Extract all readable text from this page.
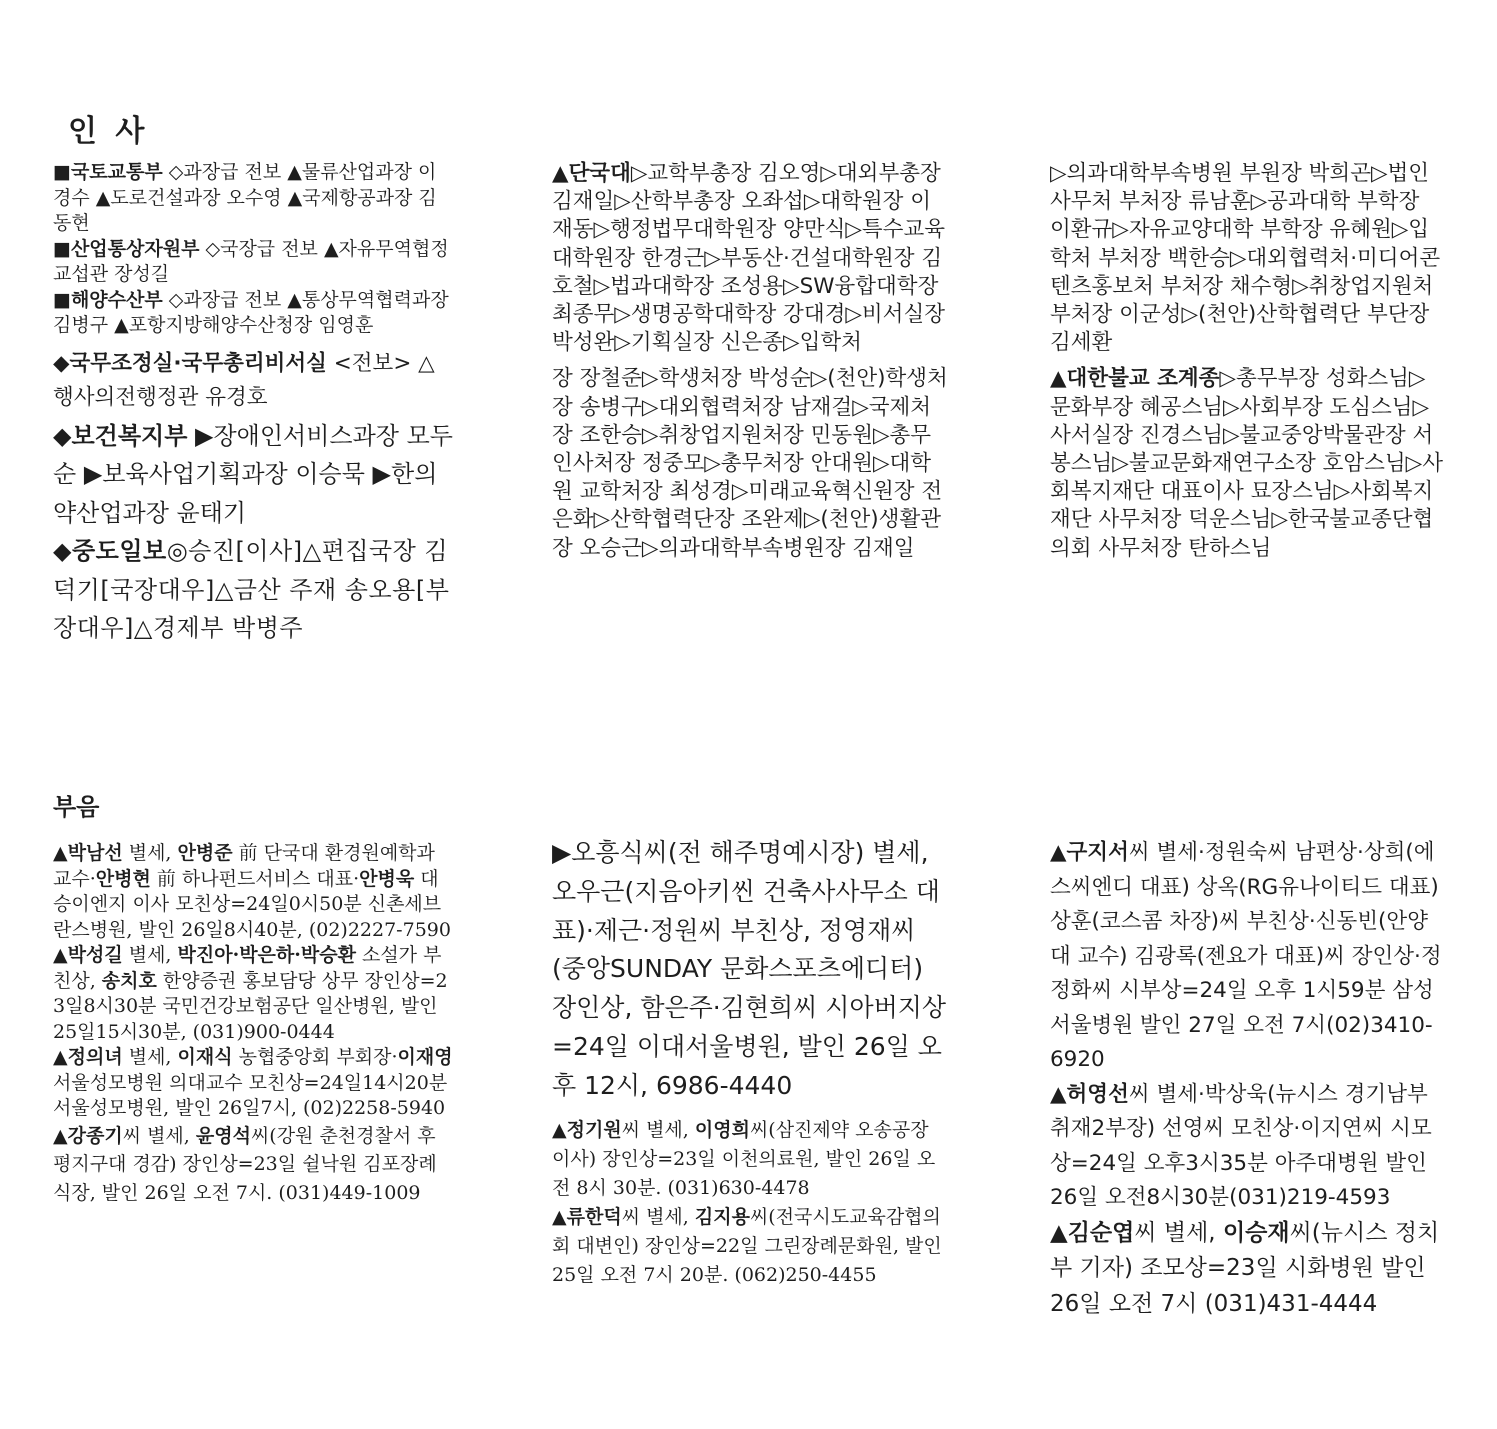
인 사

■국토교통부 ◇과장급 전보 ▲물류산업과장 이경수 ▲도로건설과장 오수영 ▲국제항공과장 김동현

■산업통상자원부 ◇국장급 전보 ▲자유무역협정교섭관 장성길

■해양수산부 ◇과장급 전보 ▲통상무역협력과장 김병구 ▲포항지방해양수산청장 임영훈

◆국무조정실·국무총리비서실 <전보> △행사의전행정관 유경호

◆보건복지부 ▶장애인서비스과장 모두순 ▶보육사업기획과장 이승묵 ▶한의약산업과장 윤태기

◆중도일보◎승진[이사]△편집국장 김덕기[국장대우]△금산 주재 송오용[부장대우]△경제부 박병주

▲단국대▷교학부총장 김오영▷대외부총장 김재일▷산학부총장 오좌섭▷대학원장 이재동▷행정법무대학원장 양만식▷특수교육대학원장 한경근▷부동산·건설대학원장 김호철▷법과대학장 조성용▷SW융합대학장 최종무▷생명공학대학장 강대경▷비서실장 박성완▷기획실장 신은종▷입학처

장 장철준▷학생처장 박성순▷(천안)학생처장 송병구▷대외협력처장 남재걸▷국제처장 조한승▷취창업지원처장 민동원▷총무인사처장 정중모▷총무처장 안대원▷대학원 교학처장 최성경▷미래교육혁신원장 전은화▷산학협력단장 조완제▷(천안)생활관장 오승근▷의과대학부속병원장 김재일

▷의과대학부속병원 부원장 박희곤▷법인사무처 부처장 류남훈▷공과대학 부학장 이환규▷자유교양대학 부학장 유혜원▷입학처 부처장 백한승▷대외협력처·미디어콘텐츠홍보처 부처장 채수형▷취창업지원처 부처장 이군성▷(천안)산학협력단 부단장 김세환

▲대한불교 조계종▷총무부장 성화스님▷문화부장 혜공스님▷사회부장 도심스님▷사서실장 진경스님▷불교중앙박물관장 서봉스님▷불교문화재연구소장 호암스님▷사회복지재단 대표이사 묘장스님▷사회복지재단 사무처장 덕운스님▷한국불교종단협의회 사무처장 탄하스님

부음

▲박남선 별세, 안병준 前 단국대 환경원예학과 교수·안병현 前 하나펀드서비스 대표·안병욱 대승이엔지 이사 모친상=24일0시50분 신촌세브란스병원, 발인 26일8시40분, (02)2227-7590

▲박성길 별세, 박진아·박은하·박승환 소설가 부친상, 송치호 한양증권 홍보담당 상무 장인상=23일8시30분 국민건강보험공단 일산병원, 발인 25일15시30분, (031)900-0444

▲정의녀 별세, 이재식 농협중앙회 부회장·이재영 서울성모병원 의대교수 모친상=24일14시20분 서울성모병원, 발인 26일7시, (02)2258-5940

▲강종기씨 별세, 윤영석씨(강원 춘천경찰서 후평지구대 경감) 장인상=23일 쉴낙원 김포장례식장, 발인 26일 오전 7시. (031)449-1009

▶오흥식씨(전 해주명예시장) 별세, 오우근(지음아키씬 건축사사무소 대표)·제근·정원씨 부친상, 정영재씨(중앙SUNDAY 문화스포츠에디터) 장인상, 함은주·김현희씨 시아버지상=24일 이대서울병원, 발인 26일 오후 12시, 6986-4440

▲정기원씨 별세, 이영희씨(삼진제약 오송공장 이사) 장인상=23일 이천의료원, 발인 26일 오전 8시 30분. (031)630-4478

▲류한덕씨 별세, 김지용씨(전국시도교육감협의회 대변인) 장인상=22일 그린장례문화원, 발인 25일 오전 7시 20분. (062)250-4455

▲구지서씨 별세·정원숙씨 남편상·상희(에스씨엔디 대표) 상옥(RG유나이티드 대표) 상훈(코스콤 차장)씨 부친상·신동빈(안양대 교수) 김광록(젠요가 대표)씨 장인상·정정화씨 시부상=24일 오후 1시59분 삼성서울병원 발인 27일 오전 7시(02)3410-6920

▲허영선씨 별세·박상욱(뉴시스 경기남부 취재2부장) 선영씨 모친상·이지연씨 시모상=24일 오후3시35분 아주대병원 발인 26일 오전8시30분(031)219-4593

▲김순엽씨 별세, 이승재씨(뉴시스 정치부 기자) 조모상=23일 시화병원 발인 26일 오전 7시 (031)431-4444
